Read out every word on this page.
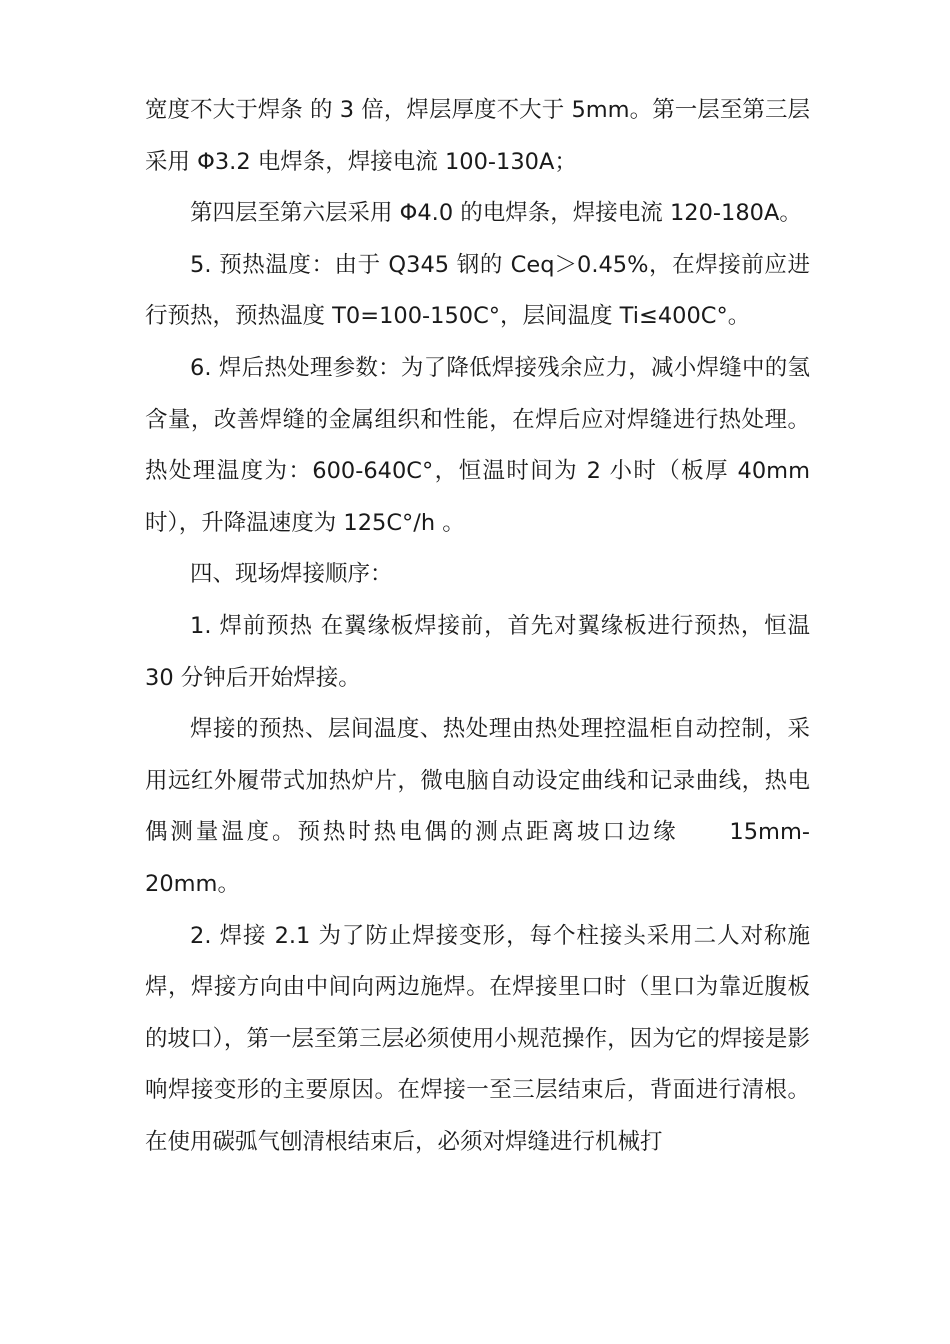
宽度不大于焊条 的 3 倍，焊层厚度不大于 5mm。第一层至第三层采用 Φ3.2 电焊条，焊接电流 100-130A；

第四层至第六层采用 Φ4.0 的电焊条，焊接电流 120-180A。

5. 预热温度：由于 Q345 钢的 Ceq＞0.45%，在焊接前应进行预热，预热温度 T0=100-150C°，层间温度 Ti≤400C°。

6. 焊后热处理参数：为了降低焊接残余应力，减小焊缝中的氢含量，改善焊缝的金属组织和性能，在焊后应对焊缝进行热处理。热处理温度为：600-640C°，恒温时间为 2 小时（板厚 40mm 时），升降温速度为 125C°/h 。

四、现场焊接顺序：

1. 焊前预热 在翼缘板焊接前，首先对翼缘板进行预热，恒温 30 分钟后开始焊接。

焊接的预热、层间温度、热处理由热处理控温柜自动控制，采用远红外履带式加热炉片，微电脑自动设定曲线和记录曲线，热电偶测量温度。预热时热电偶的测点距离坡口边缘　　15mm-20mm。

2. 焊接 2.1 为了防止焊接变形，每个柱接头采用二人对称施焊，焊接方向由中间向两边施焊。在焊接里口时（里口为靠近腹板的坡口），第一层至第三层必须使用小规范操作，因为它的焊接是影响焊接变形的主要原因。在焊接一至三层结束后，背面进行清根。在使用碳弧气刨清根结束后，必须对焊缝进行机械打
